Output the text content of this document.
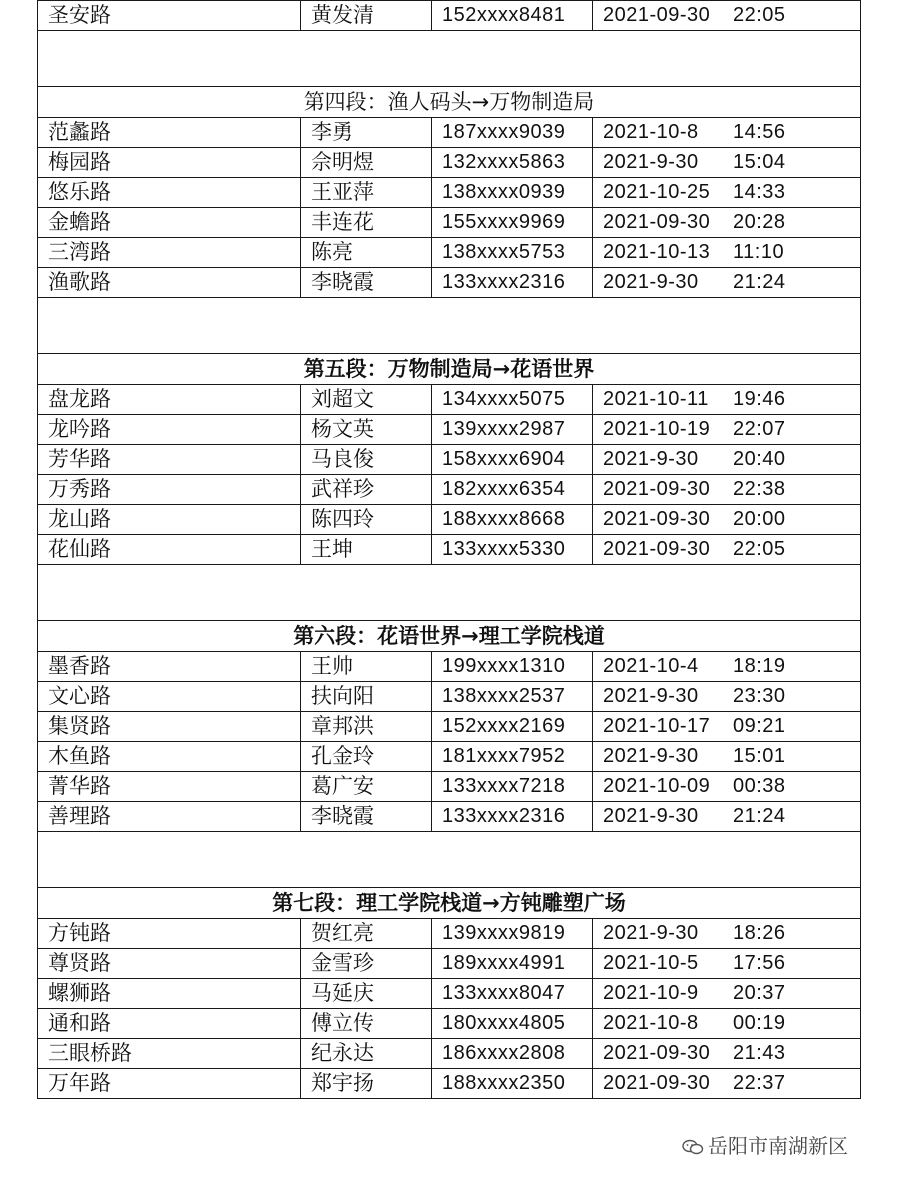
圣安路	黄发清	152xxxx8481	2021-09-30 22:05

第四段：渔人码头→万物制造局			
范蠡路	李勇	187xxxx9039	2021-10-8 14:56
梅园路	佘明煜	132xxxx5863	2021-9-30 15:04
悠乐路	王亚萍	138xxxx0939	2021-10-25 14:33
金蟾路	丰连花	155xxxx9969	2021-09-30 20:28
三湾路	陈亮	138xxxx5753	2021-10-13 11:10
渔歌路	李晓霞	133xxxx2316	2021-9-30 21:24

第五段：万物制造局→花语世界			
盘龙路	刘超文	134xxxx5075	2021-10-11 19:46
龙吟路	杨文英	139xxxx2987	2021-10-19 22:07
芳华路	马良俊	158xxxx6904	2021-9-30 20:40
万秀路	武祥珍	182xxxx6354	2021-09-30 22:38
龙山路	陈四玲	188xxxx8668	2021-09-30 20:00
花仙路	王坤	133xxxx5330	2021-09-30 22:05

第六段：花语世界→理工学院栈道			
墨香路	王帅	199xxxx1310	2021-10-4 18:19
文心路	扶向阳	138xxxx2537	2021-9-30 23:30
集贤路	章邦洪	152xxxx2169	2021-10-17 09:21
木鱼路	孔金玲	181xxxx7952	2021-9-30 15:01
菁华路	葛广安	133xxxx7218	2021-10-09 00:38
善理路	李晓霞	133xxxx2316	2021-9-30 21:24

第七段：理工学院栈道→方钝雕塑广场			
方钝路	贺红亮	139xxxx9819	2021-9-30 18:26
尊贤路	金雪珍	189xxxx4991	2021-10-5 17:56
螺狮路	马延庆	133xxxx8047	2021-10-9 20:37
通和路	傅立传	180xxxx4805	2021-10-8 00:19
三眼桥路	纪永达	186xxxx2808	2021-09-30 21:43
万年路	郑宇扬	188xxxx2350	2021-09-30 22:37
岳阳市南湖新区
